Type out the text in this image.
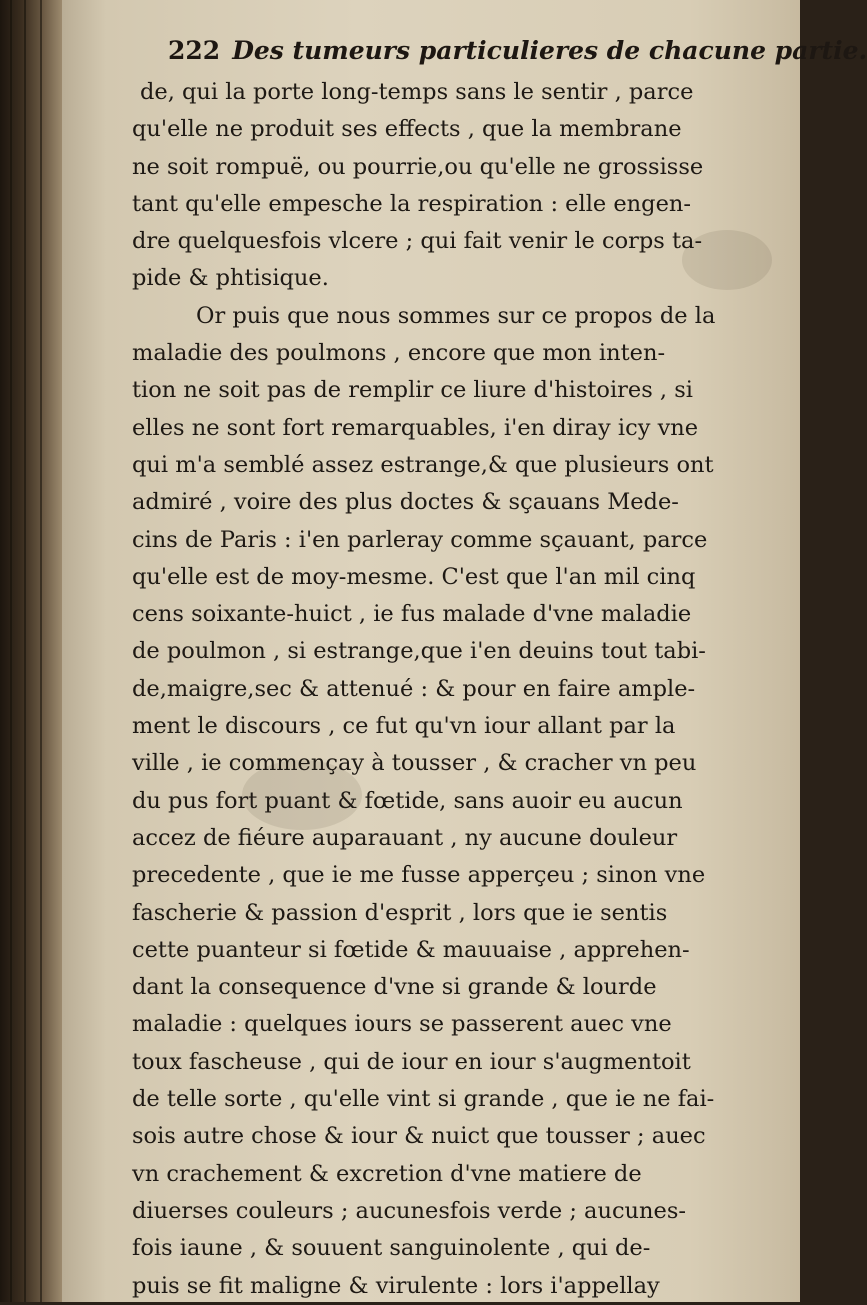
222 Des tumeurs particulieres de chacune partie.
de, qui la porte long-temps sans le sentir , parce
qu'elle ne produit ses effects , que la membrane
ne soit rompuë, ou pourrie,ou qu'elle ne grossisse
tant qu'elle empesche la respiration : elle engen-
dre quelquesfois vlcere ; qui fait venir le corps ta-
pide & phtisique.
Or puis que nous sommes sur ce propos de la
maladie des poulmons , encore que mon inten-
tion ne soit pas de remplir ce liure d'histoires , si
elles ne sont fort remarquables, i'en diray icy vne
qui m'a semblé assez estrange,& que plusieurs ont
admiré , voire des plus doctes & sçauans Mede-
cins de Paris : i'en parleray comme sçauant, parce
qu'elle est de moy-mesme. C'est que l'an mil cinq
cens soixante-huict , ie fus malade d'vne maladie
de poulmon , si estrange,que i'en deuins tout tabi-
de,maigre,sec & attenué : & pour en faire ample-
ment le discours , ce fut qu'vn iour allant par la
ville , ie commençay à tousser , & cracher vn peu
du pus fort puant & fœtide, sans auoir eu aucun
accez de fiéure auparauant , ny aucune douleur
precedente , que ie me fusse apperçeu ; sinon vne
fascherie & passion d'esprit , lors que ie sentis
cette puanteur si fœtide & mauuaise , apprehen-
dant la consequence d'vne si grande & lourde
maladie : quelques iours se passerent auec vne
toux fascheuse , qui de iour en iour s'augmentoit
de telle sorte , qu'elle vint si grande , que ie ne fai-
sois autre chose & iour & nuict que tousser ; auec
vn crachement & excretion d'vne matiere de
diuerses couleurs ; aucunesfois verde ; aucunes-
fois iaune , & souuent sanguinolente , qui de-
puis se fit maligne & virulente : lors i'appellay
